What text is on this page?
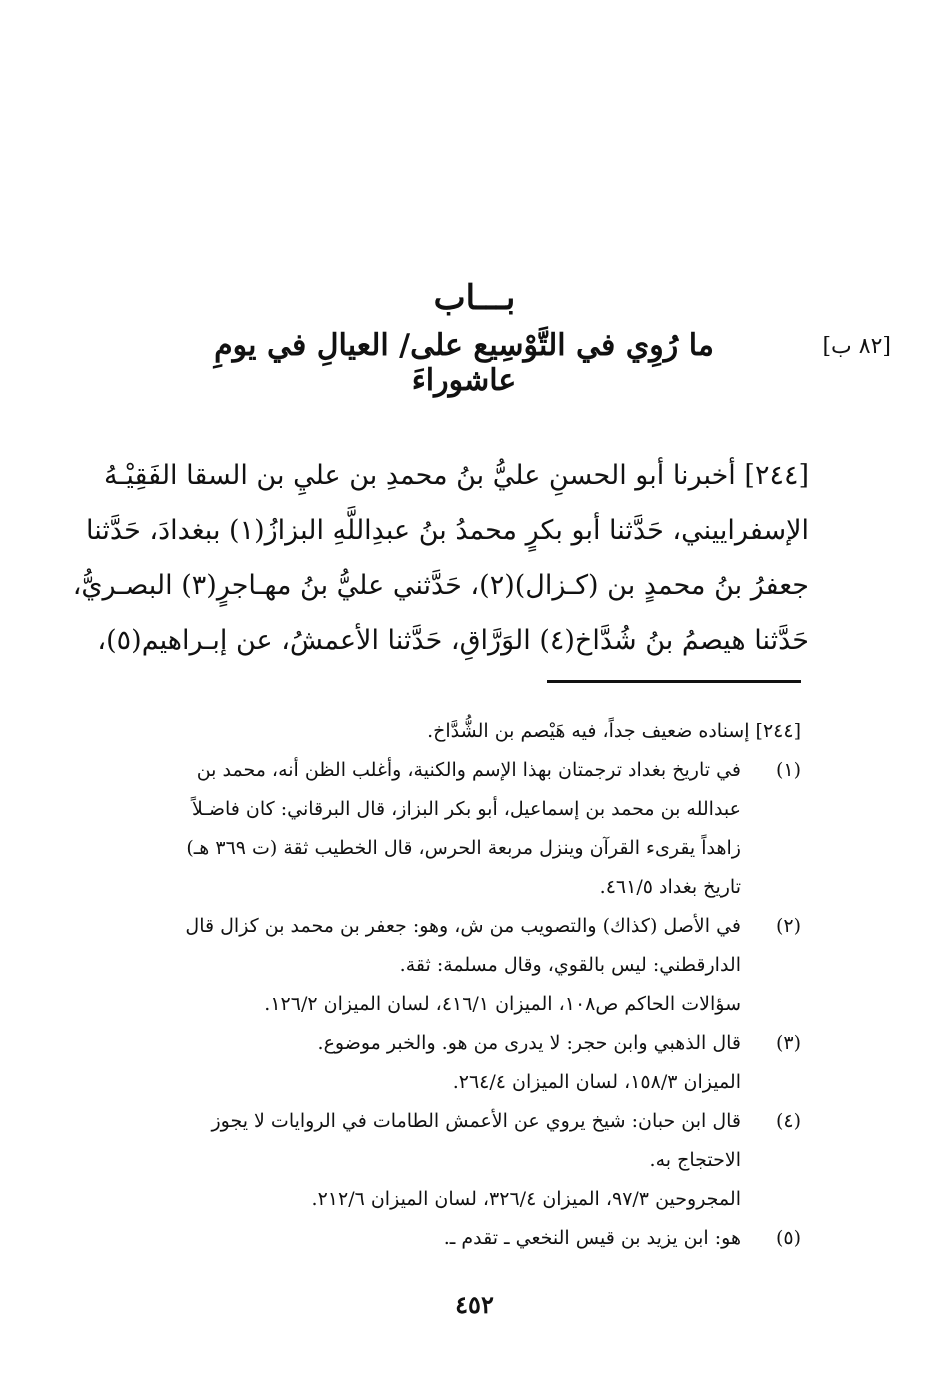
بـــاب
ما رُوِي في التَّوْسِيع على/ العيالِ في يومِ عاشوراءَ
[٨٢ ب]
[٢٤٤] أخبرنا أبو الحسنِ عليُّ بنُ محمدِ بن عليِ بن السقا الفَقِيْـهُ
الإسفراييني، حَدَّثنا أبو بكرٍ محمدُ بنُ عبدِاللَّهِ البزازُ(١) ببغدادَ، حَدَّثنا
جعفرُ بنُ محمدٍ بن (كـزال)(٢)، حَدَّثني عليُّ بنُ مهـاجرٍ(٣) البصـريُّ،
حَدَّثنا هيصمُ بنُ شُدَّاخ(٤) الوَرَّاقِ، حَدَّثنا الأعمشُ، عن إبـراهيم(٥)،
[٢٤٤] إسناده ضعيف جداً، فيه هَيْصم بن الشُّدَّاخ.
(١)
في تاريخ بغداد ترجمتان بهذا الإسم والكنية، وأغلب الظن أنه، محمد بن
عبدالله بن محمد بن إسماعيل، أبو بكر البزاز، قال البرقاني: كان فاضـلاً
زاهداً يقرىء القرآن وينزل مربعة الحرس، قال الخطيب ثقة (ت ٣٦٩ هـ)
تاريخ بغداد ٤٦١/٥.
(٢)
في الأصل (كذاك) والتصويب من ش، وهو: جعفر بن محمد بن كزال قال
الدارقطني: ليس بالقوي، وقال مسلمة: ثقة.
سؤالات الحاكم ص١٠٨، الميزان ٤١٦/١، لسان الميزان ١٢٦/٢.
(٣)
قال الذهبي وابن حجر: لا يدرى من هو. والخبر موضوع.
الميزان ١٥٨/٣، لسان الميزان ٢٦٤/٤.
(٤)
قال ابن حبان: شيخ يروي عن الأعمش الطامات في الروايات لا يجوز
الاحتجاج به.
المجروحين ٩٧/٣، الميزان ٣٢٦/٤، لسان الميزان ٢١٢/٦.
(٥)
هو: ابن يزيد بن قيس النخعي ـ تقدم ـ.
٤٥٢
